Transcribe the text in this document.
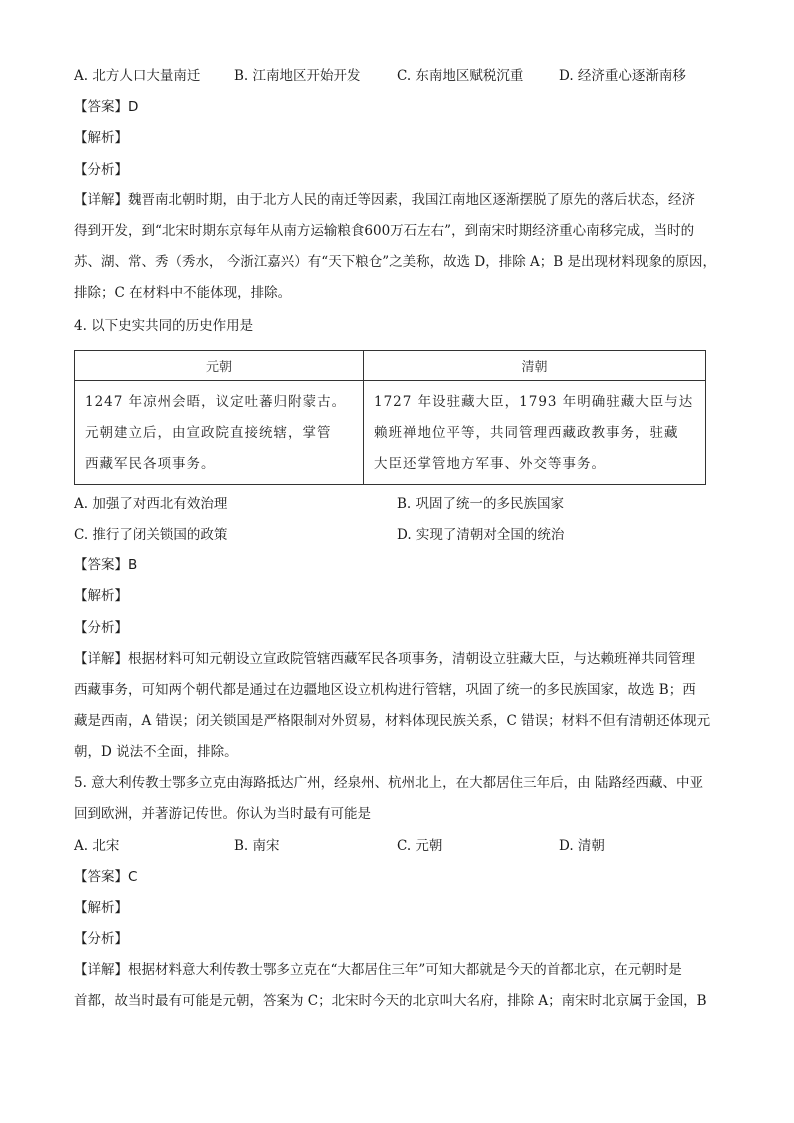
A. 北方人口大量南迁 B. 江南地区开始开发	C. 东南地区赋税沉重	D. 经济重心逐渐南移
【答案】D
【解析】
【分析】
【详解】魏晋南北朝时期，由于北方人民的南迁等因素，我国江南地区逐渐摆脱了原先的落后状态，经济
得到开发，到“北宋时期东京每年从南方运输粮食600万石左右”，到南宋时期经济重心南移完成，当时的
苏、湖、常、秀（秀水， 今浙江嘉兴）有“天下粮仓”之美称，故选 D，排除 A；B 是出现材料现象的原因，
排除；C 在材料中不能体现，排除。
4. 以下史实共同的历史作用是
元朝	清朝

1247 年凉州会晤，议定吐蕃归附蒙古。
元朝建立后，由宣政院直接统辖，掌管
西藏军民各项事务。	1727 年设驻藏大臣，1793 年明确驻藏大臣与达
赖班禅地位平等，共同管理西藏政教事务，驻藏
大臣还掌管地方军事、外交等事务。
A. 加强了对西北有效治理	B. 巩固了统一的多民族国家
C. 推行了闭关锁国的政策	D. 实现了清朝对全国的统治
【答案】B
【解析】
【分析】
【详解】根据材料可知元朝设立宣政院管辖西藏军民各项事务，清朝设立驻藏大臣，与达赖班禅共同管理
西藏事务，可知两个朝代都是通过在边疆地区设立机构进行管辖，巩固了统一的多民族国家，故选 B；西
藏是西南，A 错误；闭关锁国是严格限制对外贸易，材料体现民族关系，C 错误；材料不但有清朝还体现元
朝，D 说法不全面，排除。
5. 意大利传教士鄂多立克由海路抵达广州，经泉州、杭州北上，在大都居住三年后，由 陆路经西藏、中亚
回到欧洲，并著游记传世。你认为当时最有可能是
A. 北宋	B. 南宋	C. 元朝	D. 清朝
【答案】C
【解析】
【分析】
【详解】根据材料意大利传教士鄂多立克在“大都居住三年”可知大都就是今天的首都北京，在元朝时是
首都，故当时最有可能是元朝，答案为 C；北宋时今天的北京叫大名府，排除 A；南宋时北京属于金国，B
